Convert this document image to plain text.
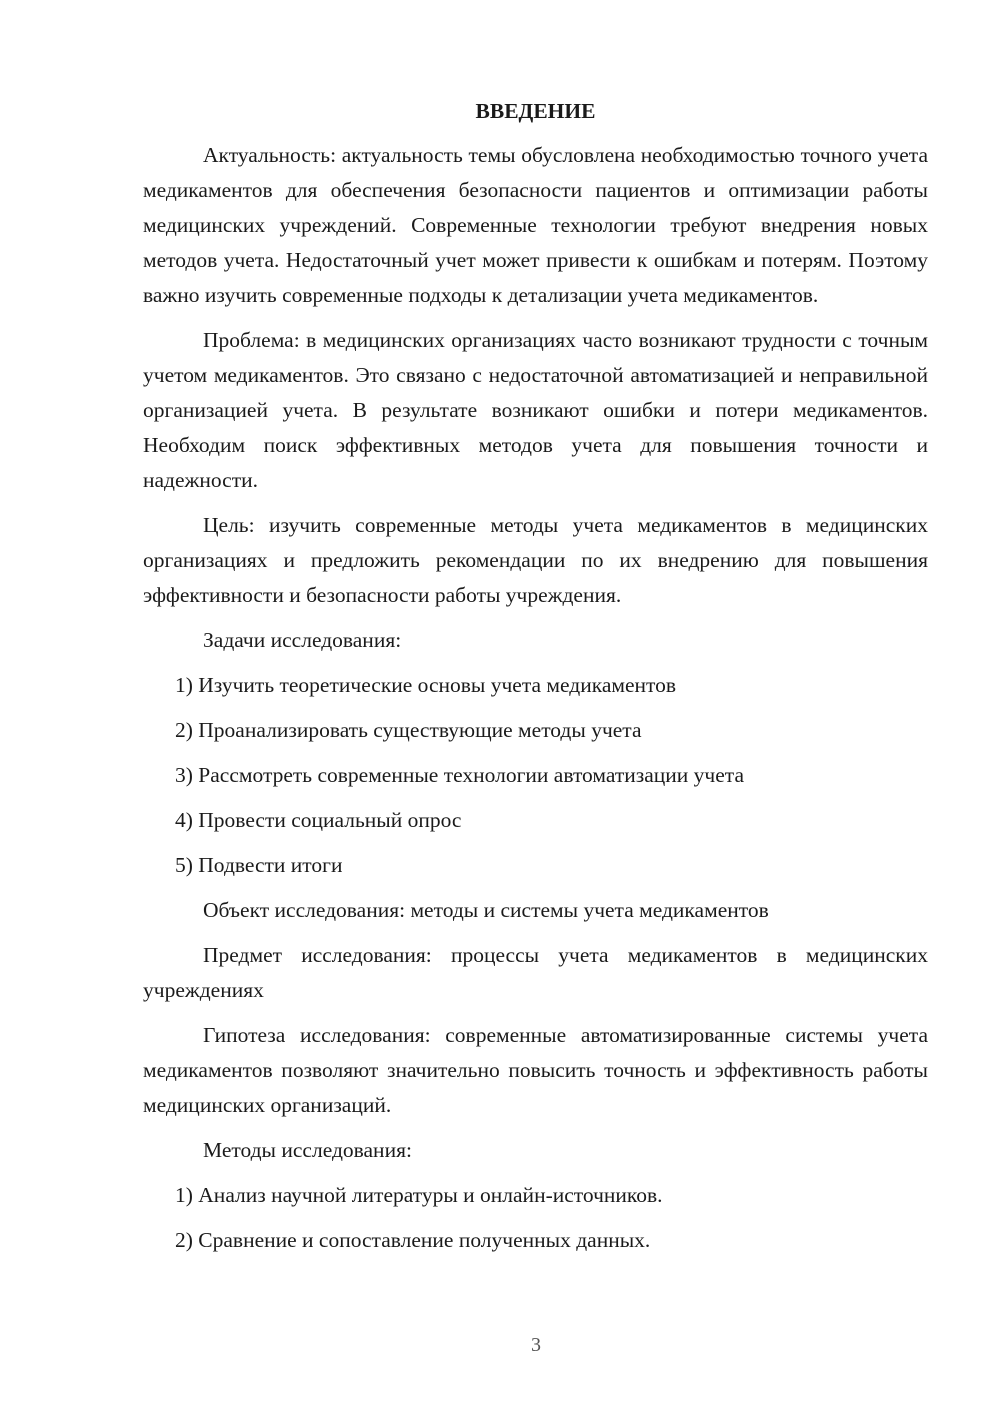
ВВЕДЕНИЕ

Актуальность: актуальность темы обусловлена необходимостью точного учета медикаментов для обеспечения безопасности пациентов и оптимизации работы медицинских учреждений. Современные технологии требуют внедрения новых методов учета. Недостаточный учет может привести к ошибкам и потерям. Поэтому важно изучить современные подходы к детализации учета медикаментов.

Проблема: в медицинских организациях часто возникают трудности с точным учетом медикаментов. Это связано с недостаточной автоматизацией и неправильной организацией учета. В результате возникают ошибки и потери медикаментов. Необходим поиск эффективных методов учета для повышения точности и надежности.

Цель: изучить современные методы учета медикаментов в медицинских организациях и предложить рекомендации по их внедрению для повышения эффективности и безопасности работы учреждения.

Задачи исследования:

1) Изучить теоретические основы учета медикаментов

2) Проанализировать существующие методы учета

3) Рассмотреть современные технологии автоматизации учета

4) Провести социальный опрос

5) Подвести итоги

Объект исследования: методы и системы учета медикаментов

Предмет исследования: процессы учета медикаментов в медицинских учреждениях

Гипотеза исследования: современные автоматизированные системы учета медикаментов позволяют значительно повысить точность и эффективность работы медицинских организаций.

Методы исследования:

1) Анализ научной литературы и онлайн-источников.

2) Сравнение и сопоставление полученных данных.

3
